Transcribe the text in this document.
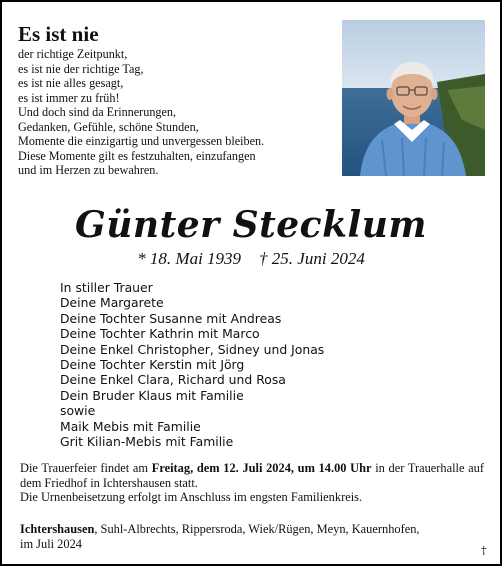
Es ist nie
der richtige Zeitpunkt,
es ist nie der richtige Tag,
es ist nie alles gesagt,
es ist immer zu früh!
Und doch sind da Erinnerungen,
Gedanken, Gefühle, schöne Stunden,
Momente die einzigartig und unvergessen bleiben.
Diese Momente gilt es festzuhalten, einzufangen
und im Herzen zu bewahren.
Günter Stecklum
* 18. Mai 1939 † 25. Juni 2024
In stiller Trauer
Deine Margarete
Deine Tochter Susanne mit Andreas
Deine Tochter Kathrin mit Marco
Deine Enkel Christopher, Sidney und Jonas
Deine Tochter Kerstin mit Jörg
Deine Enkel Clara, Richard und Rosa
Dein Bruder Klaus mit Familie
sowie
Maik Mebis mit Familie
Grit Kilian-Mebis mit Familie

Die Trauerfeier findet am Freitag, dem 12. Juli 2024, um 14.00 Uhr in der Trauerhalle auf dem Friedhof in Ichtershausen statt.

Die Urnenbeisetzung erfolgt im Anschluss im engsten Familienkreis.

Ichtershausen, Suhl-Albrechts, Rippersroda, Wiek/Rügen, Meyn, Kauernhofen,

im Juli 2024	†
